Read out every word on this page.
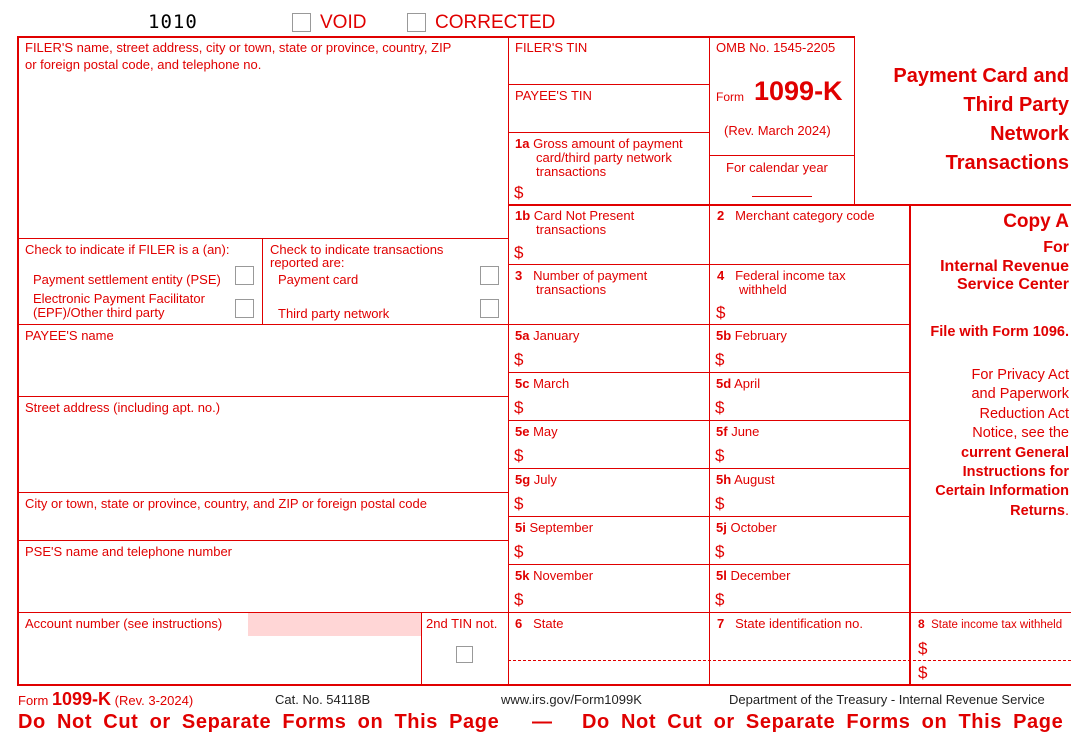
1010	VOID	CORRECTED
FILER'S name, street address, city or town, state or province, country, ZIP
or foreign postal code, and telephone no.
FILER'S TIN
PAYEE'S TIN
OMB No. 1545-2205
Form 1099-K
(Rev. March 2024)
For calendar year
Payment Card and
Third Party
Network
Transactions
1a Gross amount of payment
card/third party network
transactions
$
1b Card Not Present
transactions
$
2 Merchant category code
3 Number of payment
transactions
4 Federal income tax
withheld
$
Check to indicate if FILER is a (an):
Payment settlement entity (PSE)
Electronic Payment Facilitator
(EPF)/Other third party
Check to indicate transactions
reported are:
Payment card
Third party network
PAYEE'S name
Street address (including apt. no.)
City or town, state or province, country, and ZIP or foreign postal code
PSE'S name and telephone number
5a January
$
5b February
$
5c March
$
5d April
$
5e May
$
5f June
$
5g July
$
5h August
$
5i September
$
5j October
$
5k November
$
5l December
$
Account number (see instructions)	2nd TIN not. 6 State	7 State identification no.	8 State income tax withheld
$
$
Copy A
For
Internal Revenue
Service Center
File with Form 1096.
For Privacy Act
and Paperwork
Reduction Act
Notice, see the
current General
Instructions for
Certain Information
Returns.
Form 1099-K (Rev. 3-2024)	Cat. No. 54118B	www.irs.gov/Form1099K	Department of the Treasury - Internal Revenue Service
Do Not Cut or Separate Forms on This Page — Do Not Cut or Separate Forms on This Page
